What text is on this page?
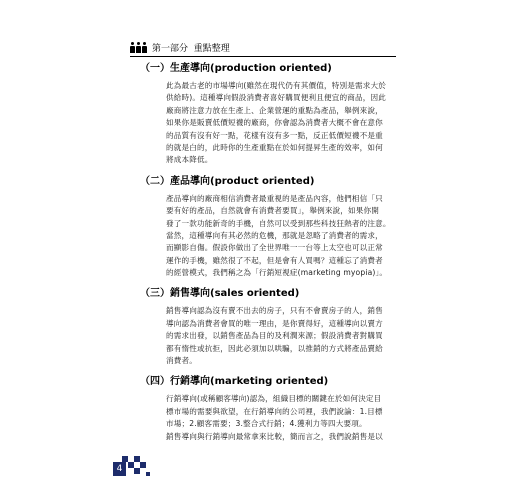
第一部分
重點整理
（一）生產導向(production oriented)
此為最古老的市場導向(雖然在現代仍有其價值，特別是需求大於
供給時)。這種導向假設消費者喜好購買便利且便宜的商品，因此
廠商將注意力放在生產上、企業營運的重點為產品，舉例來說，
如果你是販賣低價短襪的廠商，你會認為消費者大概不會在意你
的品質有沒有好一點，花樣有沒有多一點，反正低價短襪不是重
的就是白的，此時你的生產重點在於如何提昇生產的效率，如何
將成本降低。
（二）產品導向(product oriented)
產品導向的廠商相信消費者最重視的是產品內容，他們相信「只
要有好的產品，自然就會有消費者要買」，舉例來說，如果你開
發了一款功能新奇的手機，自然可以受到那些科技狂熱者的注意。
當然，這種導向有其必然的危機，那就是忽略了消費者的需求，
而顯影自傷。假設你做出了全世界唯一一台等上太空也可以正常
運作的手機，雖然很了不起，但是會有人買嗎？這種忘了消費者
的經營模式，我們稱之為「行銷短視症(marketing myopia)」。
（三）銷售導向(sales oriented)
銷售導向認為沒有賣不出去的房子，只有不會賣房子的人，銷售
導向認為消費者會買的唯一理由，是你賣得好，這種導向以賣方
的需求出發，以銷售產品為目的及利潤來源；假設消費者對購買
都有惰性或抗拒，因此必須加以哄騙，以推銷的方式將產品賣給
消費者。
（四）行銷導向(marketing oriented)
行銷導向(或稱顧客導向)認為，組織目標的關鍵在於如何決定目
標市場的需要與欲望，在行銷導向的公司裡，我們說論：1.目標
市場；2.顧客需要；3.整合式行銷；4.獲利力等四大要項。
銷售導向與行銷導向最常拿來比較，簡而言之，我們說銷售是以
4
